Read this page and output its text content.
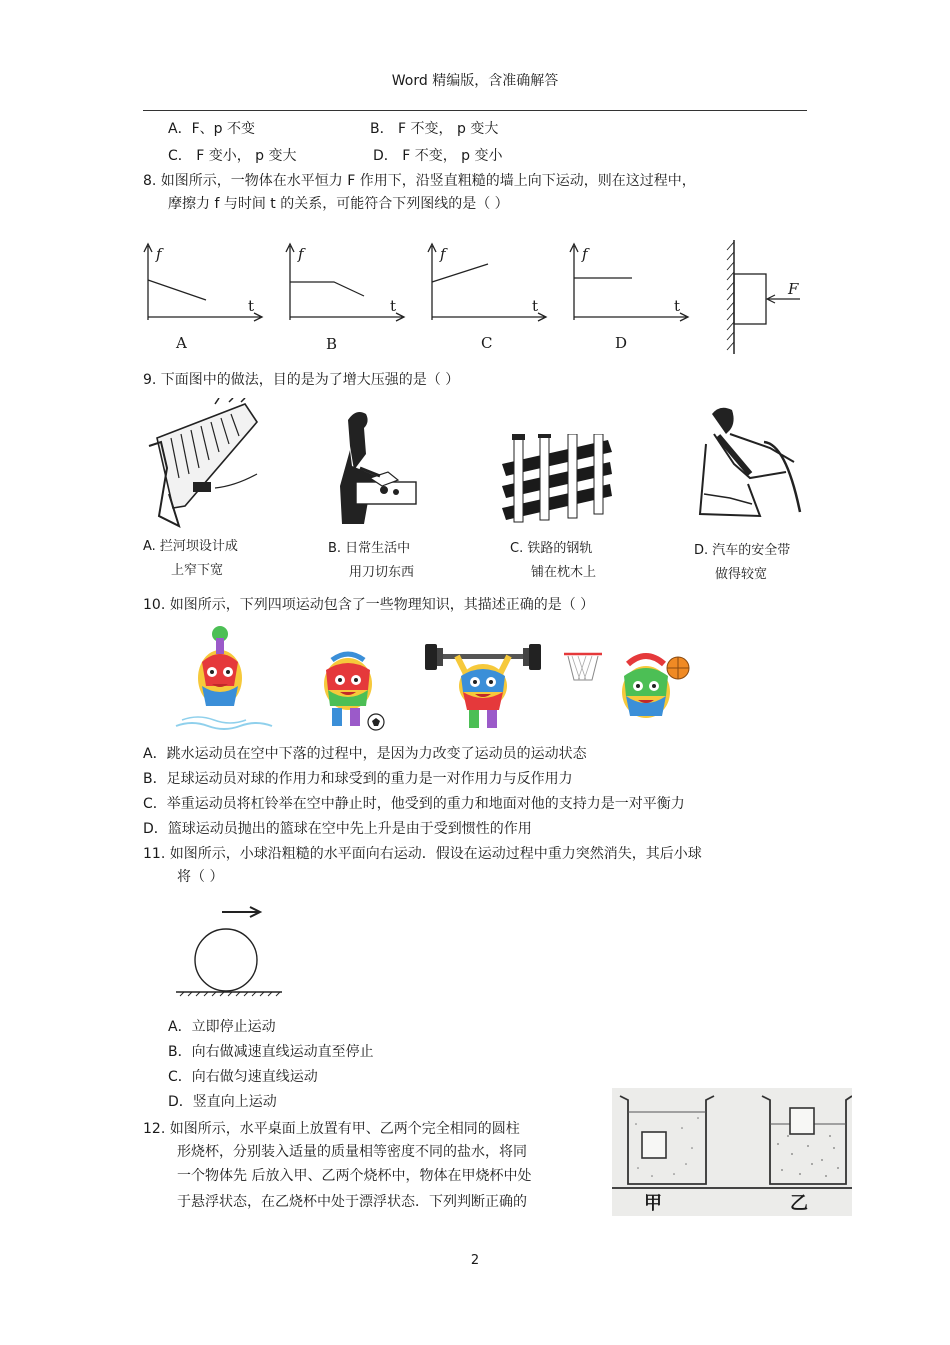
Word 精编版，含准确解答
A．F、p 不变	B． F 不变， p 变大
C． F 变小， p 变大	D． F 不变， p 变小
8. 如图所示，一物体在水平恒力 F 作用下，沿竖直粗糙的墙上向下运动，则在这过程中，
摩擦力 f 与时间 t 的关系，可能符合下列图线的是（ ）
f
t
A
f
t
B
f
t
C
f
t
D
F
9. 下面图中的做法，目的是为了增大压强的是（ ）
A. 拦河坝设计成
上窄下宽
B. 日常生活中
用刀切东西
C. 铁路的钢轨
铺在枕木上
D. 汽车的安全带
做得较宽
10. 如图所示，下列四项运动包含了一些物理知识，其描述正确的是（ ）
A．跳水运动员在空中下落的过程中，是因为力改变了运动员的运动状态
B．足球运动员对球的作用力和球受到的重力是一对作用力与反作用力
C．举重运动员将杠铃举在空中静止时，他受到的重力和地面对他的支持力是一对平衡力
D．篮球运动员抛出的篮球在空中先上升是由于受到惯性的作用
11. 如图所示，小球沿粗糙的水平面向右运动．假设在运动过程中重力突然消失，其后小球
将（ ）
A．立即停止运动
B．向右做减速直线运动直至停止
C．向右做匀速直线运动
D．竖直向上运动
12. 如图所示，水平桌面上放置有甲、乙两个完全相同的圆柱
形烧杯，分别装入适量的质量相等密度不同的盐水，将同
一个物体先 后放入甲、乙两个烧杯中，物体在甲烧杯中处
于悬浮状态，在乙烧杯中处于漂浮状态．下列判断正确的	甲	乙
2
